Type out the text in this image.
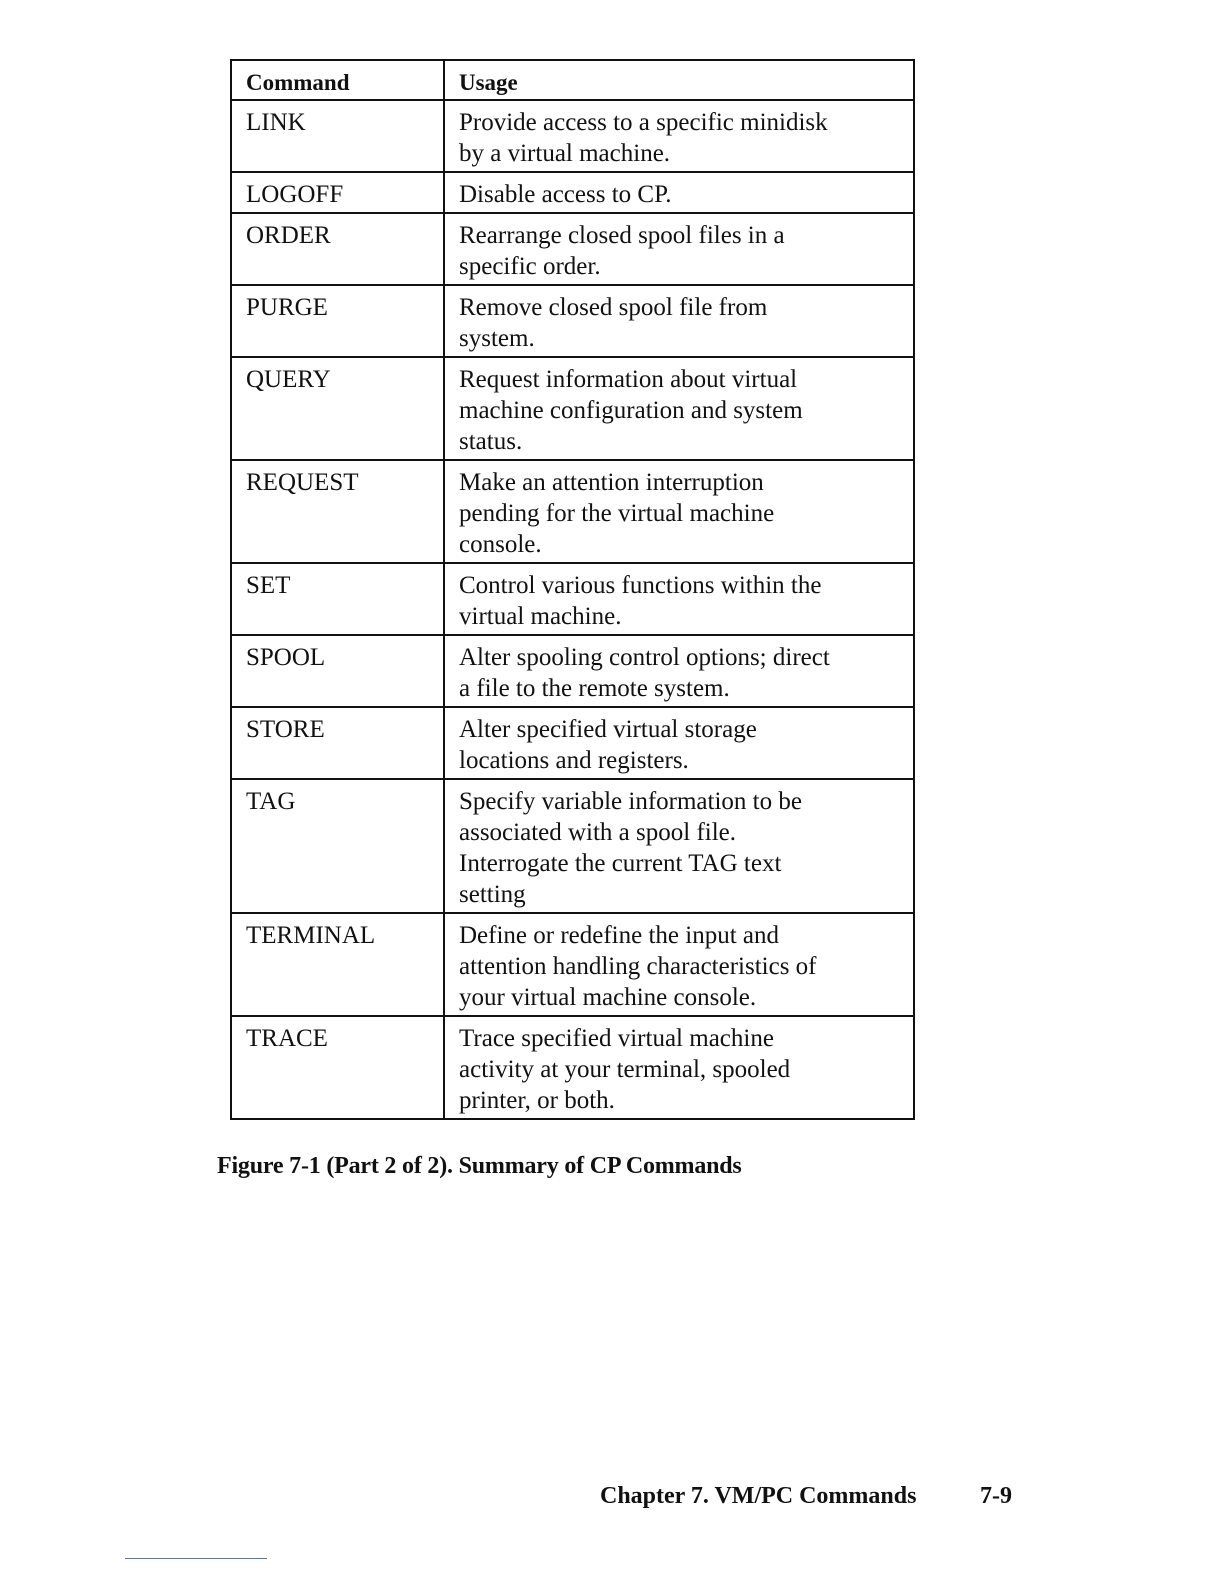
Command	Usage
LINK	Provide access to a specific minidisk
by a virtual machine.

LOGOFF	Disable access to CP.

ORDER	Rearrange closed spool files in a
specific order.

PURGE	Remove closed spool file from
system.

QUERY	Request information about virtual
machine configuration and system
status.

REQUEST	Make an attention interruption
pending for the virtual machine
console.

SET	Control various functions within the
virtual machine.

SPOOL	Alter spooling control options; direct
a file to the remote system.

STORE	Alter specified virtual storage
locations and registers.

TAG	Specify variable information to be
associated with a spool file.
Interrogate the current TAG text
setting

TERMINAL	Define or redefine the input and
attention handling characteristics of
your virtual machine console.

TRACE	Trace specified virtual machine
activity at your terminal, spooled
printer, or both.
Figure 7-1 (Part 2 of 2). Summary of CP Commands
Chapter 7. VM/PC Commands	7-9
